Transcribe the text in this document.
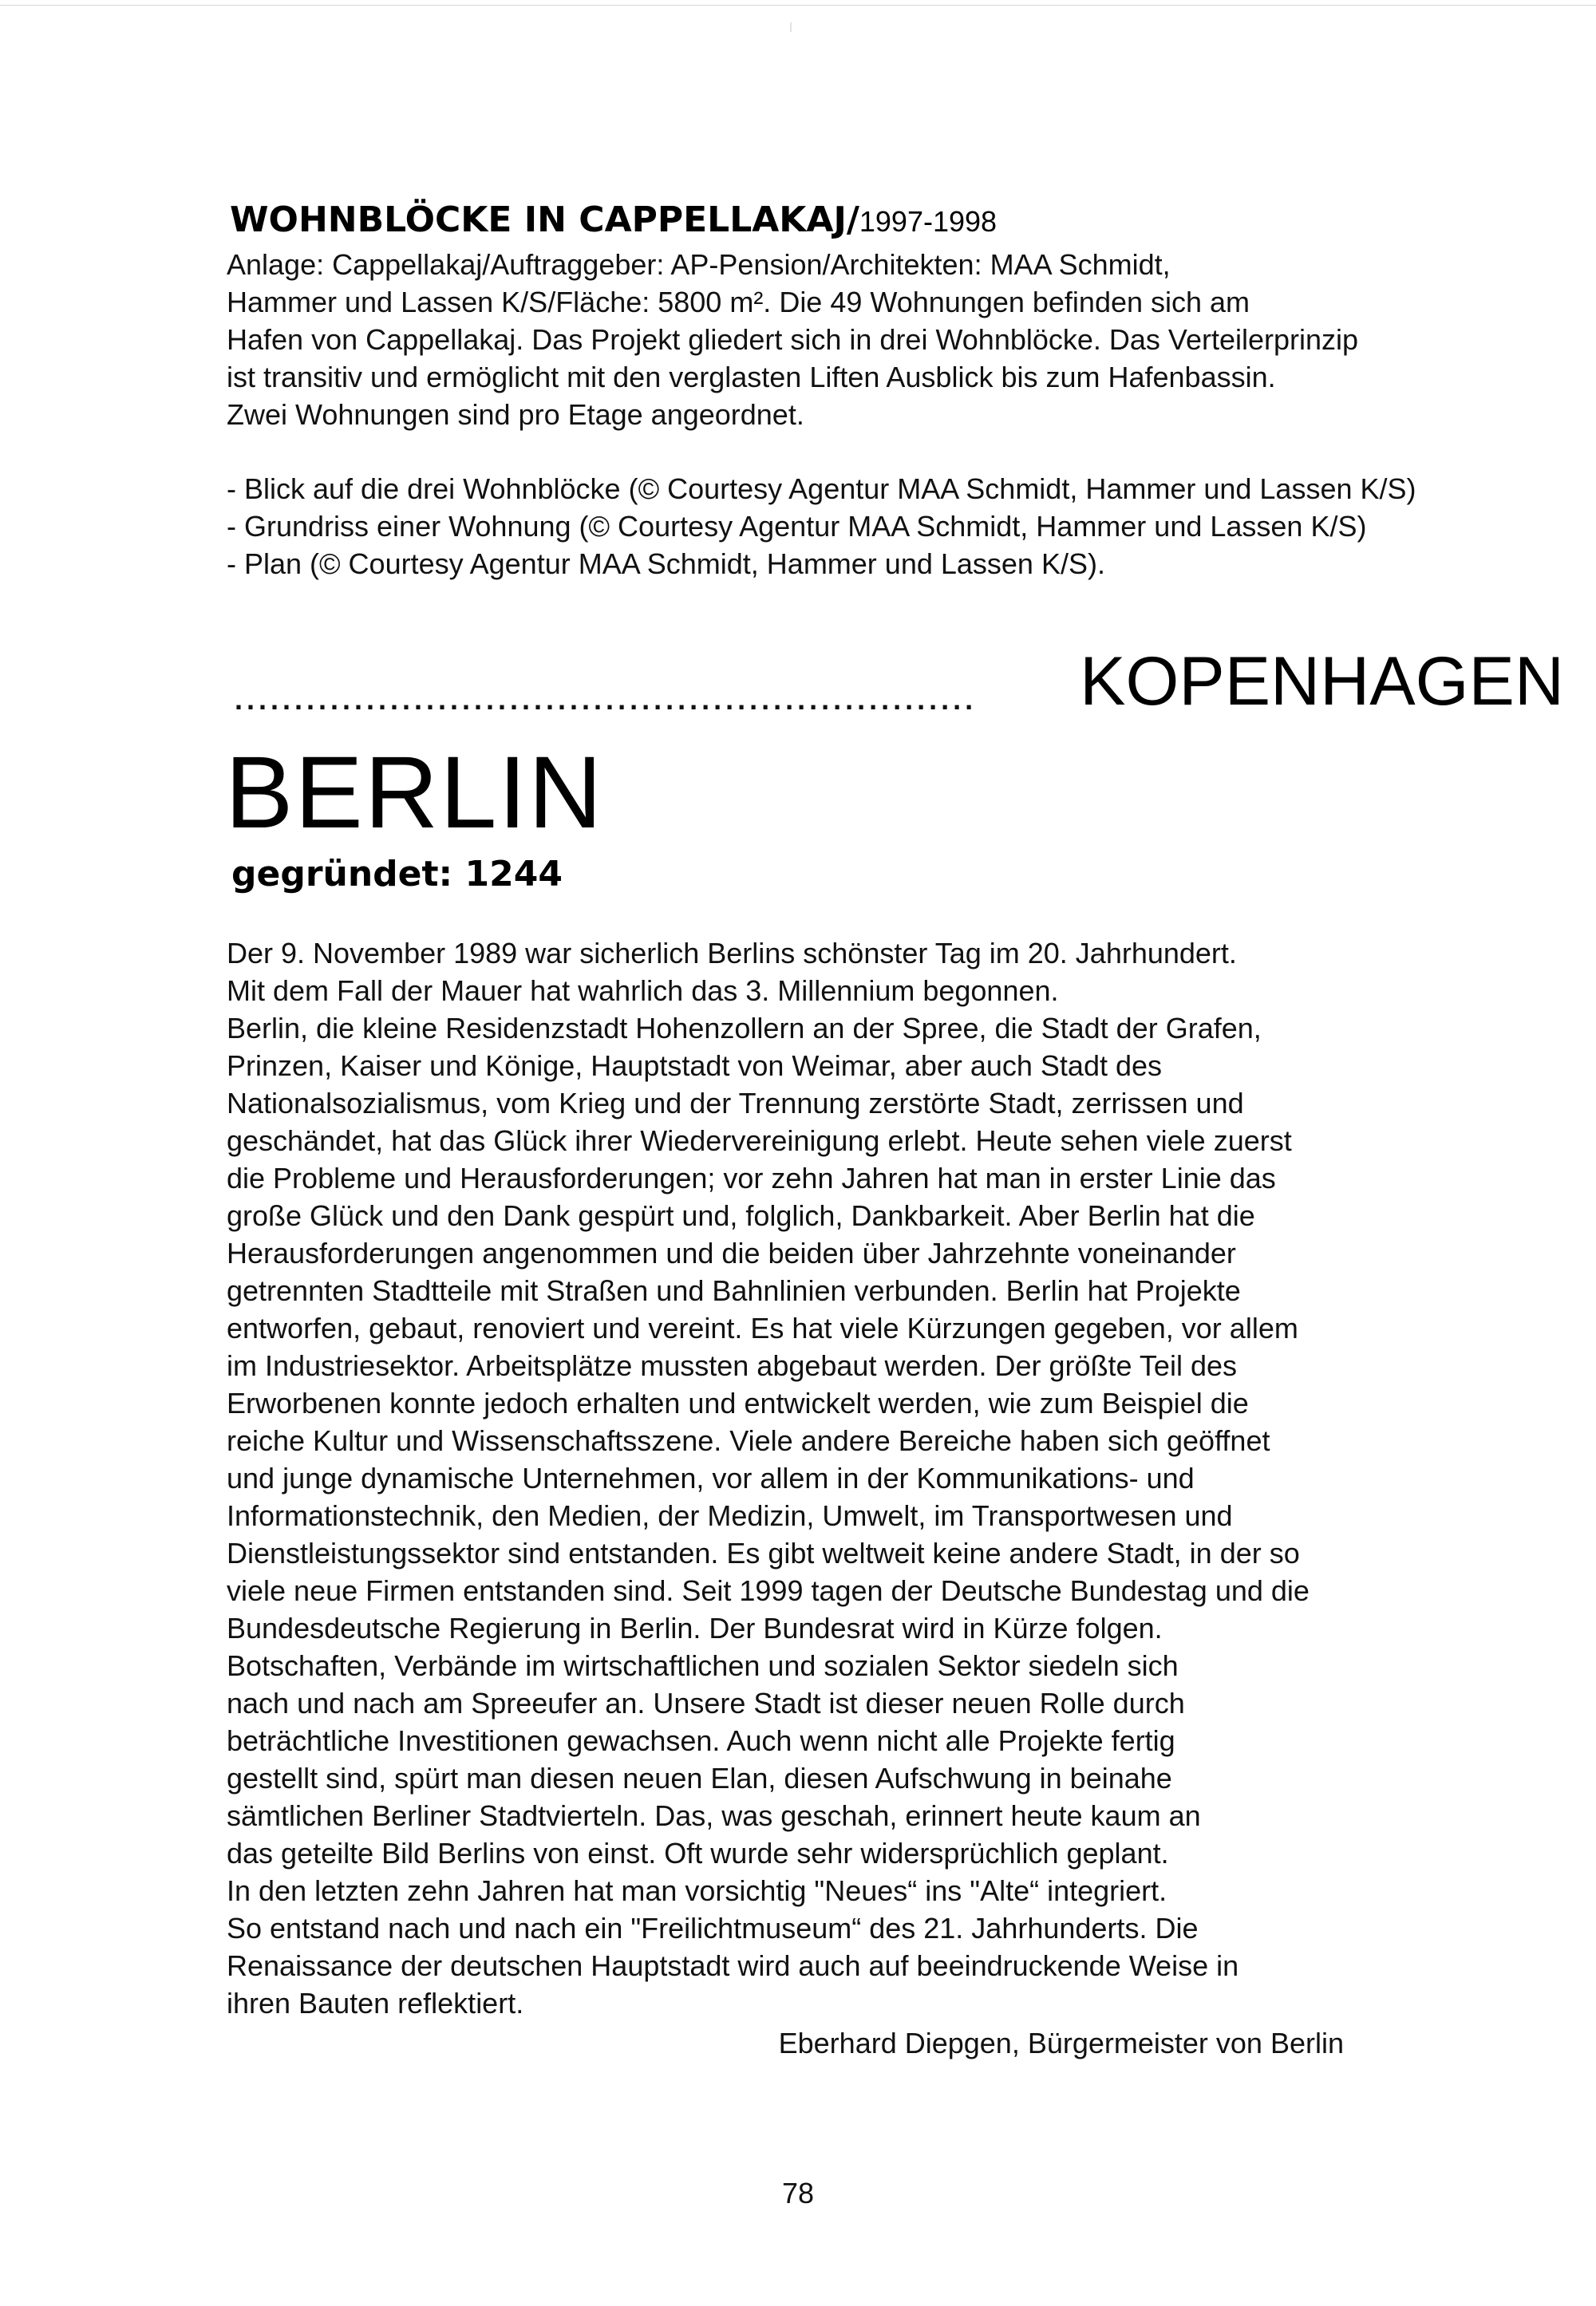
WOHNBLÖCKE IN CAPPELLAKAJ/1997-1998
Anlage: Cappellakaj/Auftraggeber: AP-Pension/Architekten: MAA Schmidt,
Hammer und Lassen K/S/Fläche: 5800 m². Die 49 Wohnungen befinden sich am
Hafen von Cappellakaj. Das Projekt gliedert sich in drei Wohnblöcke. Das Verteilerprinzip
ist transitiv und ermöglicht mit den verglasten Liften Ausblick bis zum Hafenbassin.
Zwei Wohnungen sind pro Etage angeordnet.
- Blick auf die drei Wohnblöcke (© Courtesy Agentur MAA Schmidt, Hammer und Lassen K/S)
- Grundriss einer Wohnung (© Courtesy Agentur MAA Schmidt, Hammer und Lassen K/S)
- Plan (© Courtesy Agentur MAA Schmidt, Hammer und Lassen K/S).
.............................................................. KOPENHAGEN
BERLIN
gegründet: 1244
Der 9. November 1989 war sicherlich Berlins schönster Tag im 20. Jahrhundert.
Mit dem Fall der Mauer hat wahrlich das 3. Millennium begonnen.
Berlin, die kleine Residenzstadt Hohenzollern an der Spree, die Stadt der Grafen,
Prinzen, Kaiser und Könige, Hauptstadt von Weimar, aber auch Stadt des
Nationalsozialismus, vom Krieg und der Trennung zerstörte Stadt, zerrissen und
geschändet, hat das Glück ihrer Wiedervereinigung erlebt. Heute sehen viele zuerst
die Probleme und Herausforderungen; vor zehn Jahren hat man in erster Linie das
große Glück und den Dank gespürt und, folglich, Dankbarkeit. Aber Berlin hat die
Herausforderungen angenommen und die beiden über Jahrzehnte voneinander
getrennten Stadtteile mit Straßen und Bahnlinien verbunden. Berlin hat Projekte
entworfen, gebaut, renoviert und vereint. Es hat viele Kürzungen gegeben, vor allem
im Industriesektor. Arbeitsplätze mussten abgebaut werden. Der größte Teil des
Erworbenen konnte jedoch erhalten und entwickelt werden, wie zum Beispiel die
reiche Kultur und Wissenschaftsszene. Viele andere Bereiche haben sich geöffnet
und junge dynamische Unternehmen, vor allem in der Kommunikations- und
Informationstechnik, den Medien, der Medizin, Umwelt, im Transportwesen und
Dienstleistungssektor sind entstanden. Es gibt weltweit keine andere Stadt, in der so
viele neue Firmen entstanden sind. Seit 1999 tagen der Deutsche Bundestag und die
Bundesdeutsche Regierung in Berlin. Der Bundesrat wird in Kürze folgen.
Botschaften, Verbände im wirtschaftlichen und sozialen Sektor siedeln sich
nach und nach am Spreeufer an. Unsere Stadt ist dieser neuen Rolle durch
beträchtliche Investitionen gewachsen. Auch wenn nicht alle Projekte fertig
gestellt sind, spürt man diesen neuen Elan, diesen Aufschwung in beinahe
sämtlichen Berliner Stadtvierteln. Das, was geschah, erinnert heute kaum an
das geteilte Bild Berlins von einst. Oft wurde sehr widersprüchlich geplant.
In den letzten zehn Jahren hat man vorsichtig "Neues“ ins "Alte“ integriert.
So entstand nach und nach ein "Freilichtmuseum“ des 21. Jahrhunderts. Die
Renaissance der deutschen Hauptstadt wird auch auf beeindruckende Weise in
ihren Bauten reflektiert.
Eberhard Diepgen, Bürgermeister von Berlin
78
